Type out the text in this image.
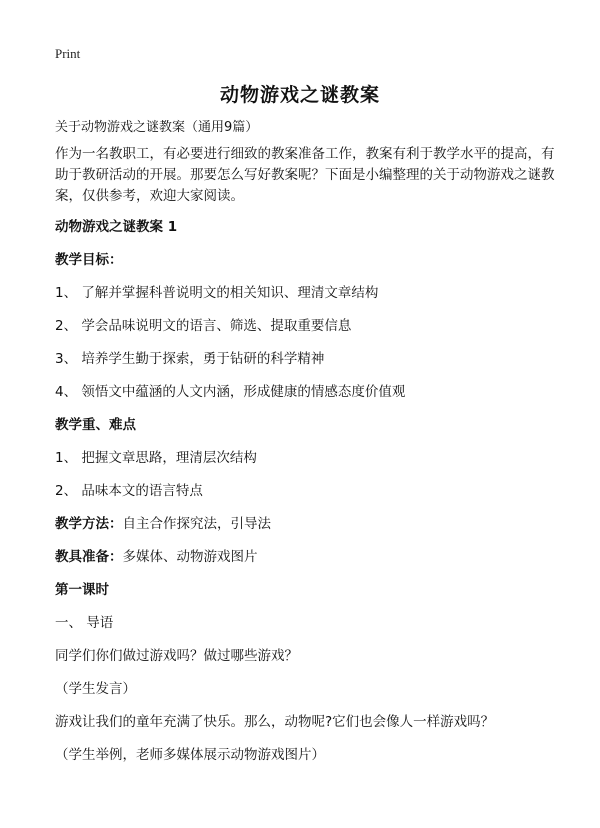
Print
动物游戏之谜教案
关于动物游戏之谜教案（通用9篇）
作为一名教职工，有必要进行细致的教案准备工作，教案有利于教学水平的提高，有助于教研活动的开展。那要怎么写好教案呢？下面是小编整理的关于动物游戏之谜教案，仅供参考，欢迎大家阅读。
动物游戏之谜教案 1
教学目标：
1、 了解并掌握科普说明文的相关知识、理清文章结构
2、 学会品味说明文的语言、筛选、提取重要信息
3、 培养学生勤于探索，勇于钻研的科学精神
4、 领悟文中蕴涵的人文内涵，形成健康的情感态度价值观
教学重、难点
1、 把握文章思路，理清层次结构
2、 品味本文的语言特点
教学方法：自主合作探究法，引导法
教具准备：多媒体、动物游戏图片
第一课时
一、 导语
同学们你们做过游戏吗？做过哪些游戏？
（学生发言）
游戏让我们的童年充满了快乐。那么，动物呢?它们也会像人一样游戏吗？
（学生举例，老师多媒体展示动物游戏图片）
